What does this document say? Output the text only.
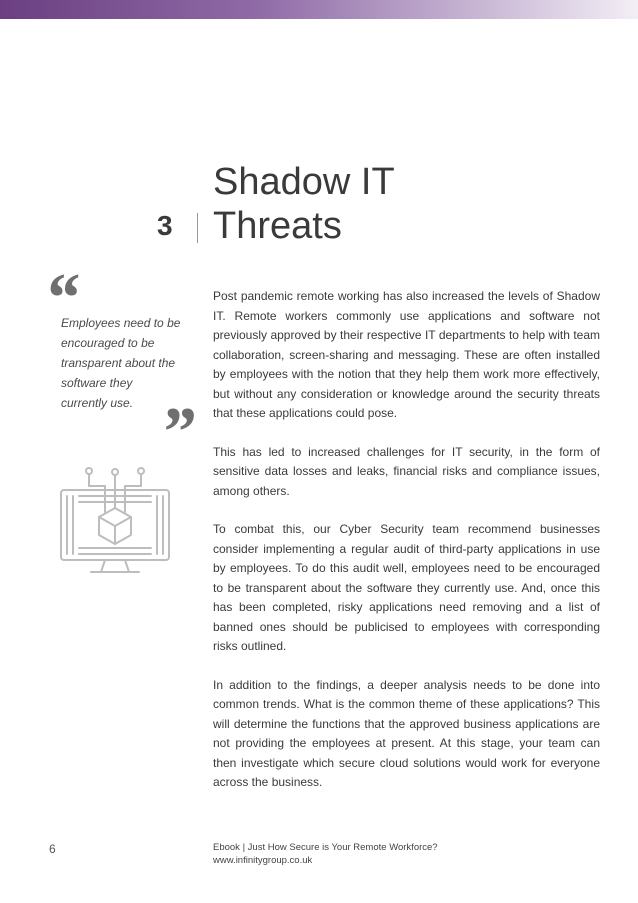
3
Shadow IT
Threats
“

Employees need to be encouraged to be transparent about the software they currently use. ”

Post pandemic remote working has also increased the levels of Shadow IT. Remote workers commonly use applications and software not previously approved by their respective IT departments to help with team collaboration, screen-sharing and messaging. These are often installed by employees with the notion that they help them work more effectively, but without any consideration or knowledge around the security threats that these applications could pose.

This has led to increased challenges for IT security, in the form of sensitive data losses and leaks, financial risks and compliance issues, among others.

To combat this, our Cyber Security team recommend businesses consider implementing a regular audit of third-party applications in use by employees. To do this audit well, employees need to be encouraged to be transparent about the software they currently use. And, once this has been completed, risky applications need removing and a list of banned ones should be publicised to employees with corresponding risks outlined.

In addition to the findings, a deeper analysis needs to be done into common trends. What is the common theme of these applications? This will determine the functions that the approved business applications are not providing the employees at present. At this stage, your team can then investigate which secure cloud solutions would work for everyone across the business.

6	Ebook | Just How Secure is Your Remote Workforce?
www.infinitygroup.co.uk
